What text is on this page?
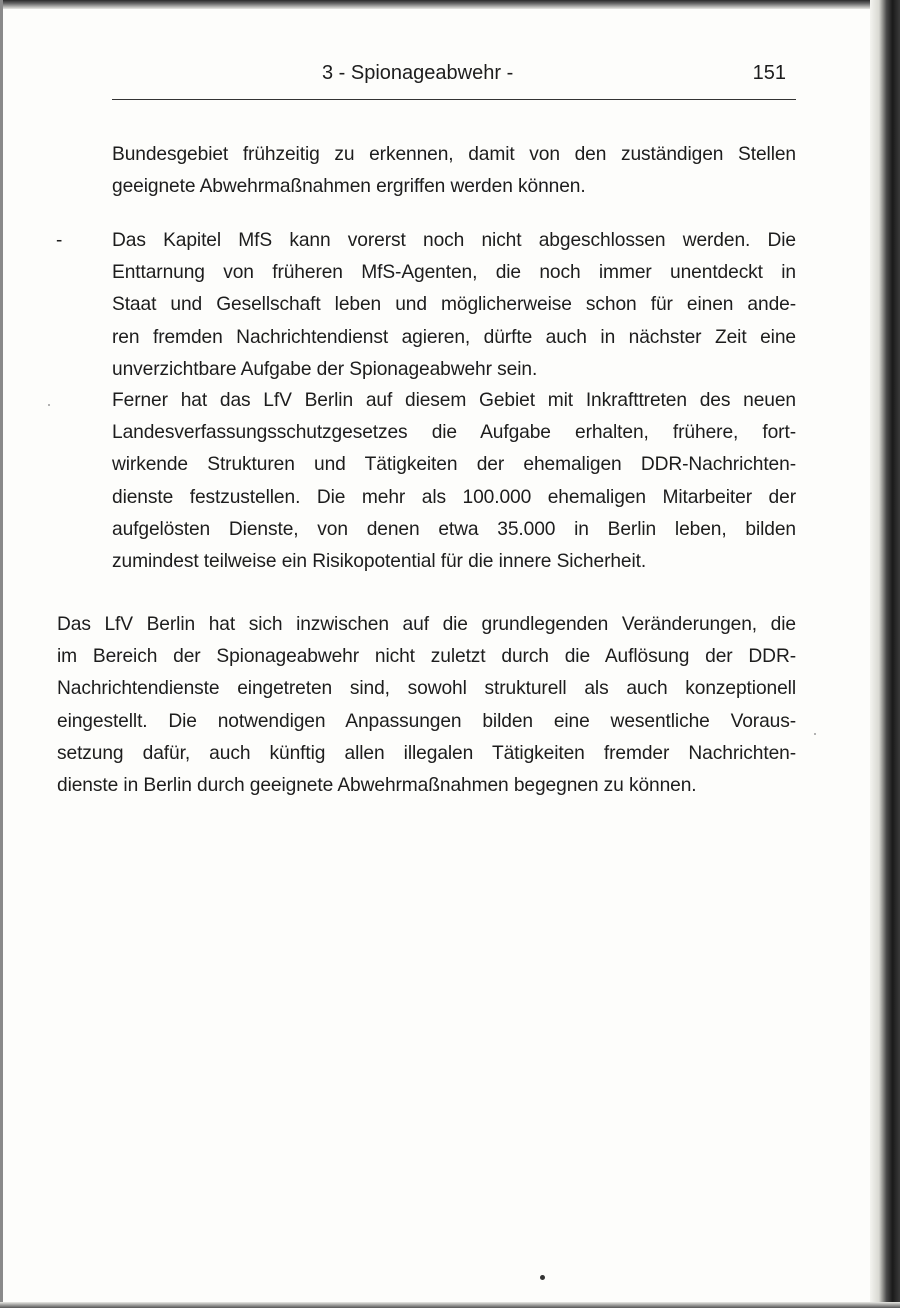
3 - Spionageabwehr -	151
Bundesgebiet frühzeitig zu erkennen, damit von den zuständigen Stellen
geeignete Abwehrmaßnahmen ergriffen werden können.
-	Das Kapitel MfS kann vorerst noch nicht abgeschlossen werden. Die
Enttarnung von früheren MfS-Agenten, die noch immer unentdeckt in
Staat und Gesellschaft leben und möglicherweise schon für einen ande-
ren fremden Nachrichtendienst agieren, dürfte auch in nächster Zeit eine
unverzichtbare Aufgabe der Spionageabwehr sein.
Ferner hat das LfV Berlin auf diesem Gebiet mit Inkrafttreten des neuen
Landesverfassungsschutzgesetzes die Aufgabe erhalten, frühere, fort-
wirkende Strukturen und Tätigkeiten der ehemaligen DDR-Nachrichten-
dienste festzustellen. Die mehr als 100.000 ehemaligen Mitarbeiter der
aufgelösten Dienste, von denen etwa 35.000 in Berlin leben, bilden
zumindest teilweise ein Risikopotential für die innere Sicherheit.
Das LfV Berlin hat sich inzwischen auf die grundlegenden Veränderungen, die
im Bereich der Spionageabwehr nicht zuletzt durch die Auflösung der DDR-
Nachrichtendienste eingetreten sind, sowohl strukturell als auch konzeptionell
eingestellt. Die notwendigen Anpassungen bilden eine wesentliche Voraus-
setzung dafür, auch künftig allen illegalen Tätigkeiten fremder Nachrichten-
dienste in Berlin durch geeignete Abwehrmaßnahmen begegnen zu können.
